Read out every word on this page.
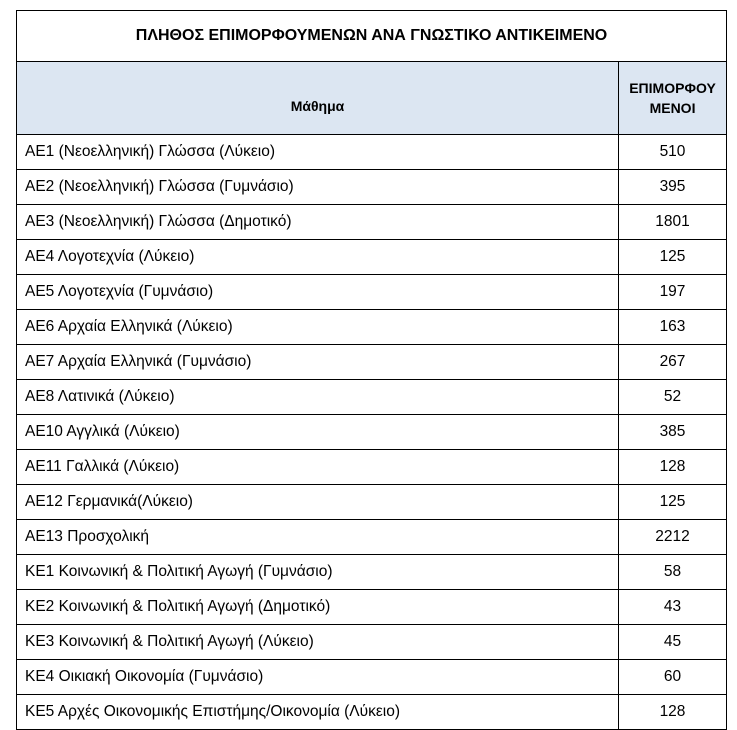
ΠΛΗΘΟΣ ΕΠΙΜΟΡΦΟΥΜΕΝΩΝ ΑΝΑ ΓΝΩΣΤΙΚΟ ΑΝΤΙΚΕΙΜΕΝΟ	
Μάθημα	ΕΠΙΜΟΡΦΟΥ
ΜΕΝΟΙ
ΑΕ1 (Νεοελληνική) Γλώσσα (Λύκειο)	510
ΑΕ2 (Νεοελληνική) Γλώσσα (Γυμνάσιο)	395
ΑΕ3 (Νεοελληνική) Γλώσσα (Δημοτικό)	1801
ΑΕ4 Λογοτεχνία (Λύκειο)	125
ΑΕ5 Λογοτεχνία (Γυμνάσιο)	197
ΑΕ6 Αρχαία Ελληνικά (Λύκειο)	163
ΑΕ7 Αρχαία Ελληνικά (Γυμνάσιο)	267
ΑΕ8 Λατινικά (Λύκειο)	52
ΑΕ10 Αγγλικά (Λύκειο)	385
ΑΕ11 Γαλλικά (Λύκειο)	128
ΑΕ12 Γερμανικά(Λύκειο)	125
ΑΕ13 Προσχολική	2212
ΚΕ1 Κοινωνική & Πολιτική Αγωγή (Γυμνάσιο)	58
ΚΕ2 Κοινωνική & Πολιτική Αγωγή (Δημοτικό)	43
ΚΕ3 Κοινωνική & Πολιτική Αγωγή (Λύκειο)	45
ΚΕ4 Οικιακή Οικονομία (Γυμνάσιο)	60
ΚΕ5 Αρχές Οικονομικής Επιστήμης/Οικονομία (Λύκειο)	128
